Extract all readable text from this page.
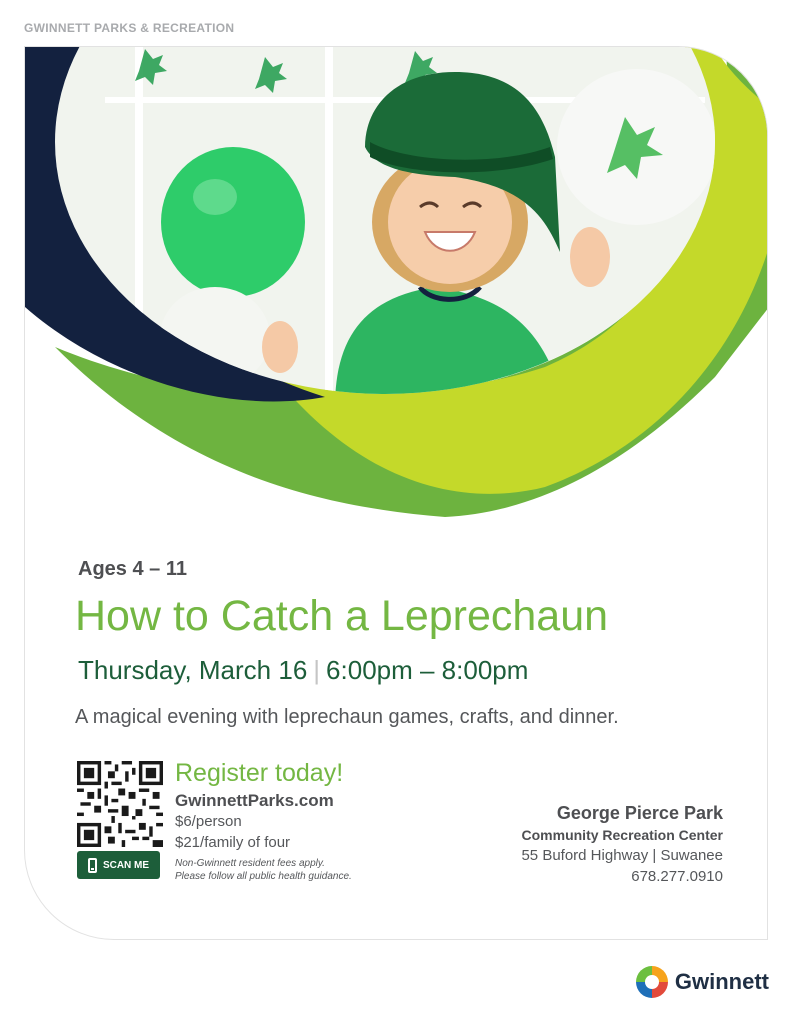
GWINNETT PARKS & RECREATION
Ages 4 – 11
How to Catch a Leprechaun
Thursday, March 16 | 6:00pm – 8:00pm
A magical evening with leprechaun games, crafts, and dinner.
SCAN ME
Register today!
GwinnettParks.com
$6/person
$21/family of four
Non-Gwinnett resident fees apply.
Please follow all public health guidance.
George Pierce Park
Community Recreation Center
55 Buford Highway | Suwanee
678.277.0910
Gwinnett
